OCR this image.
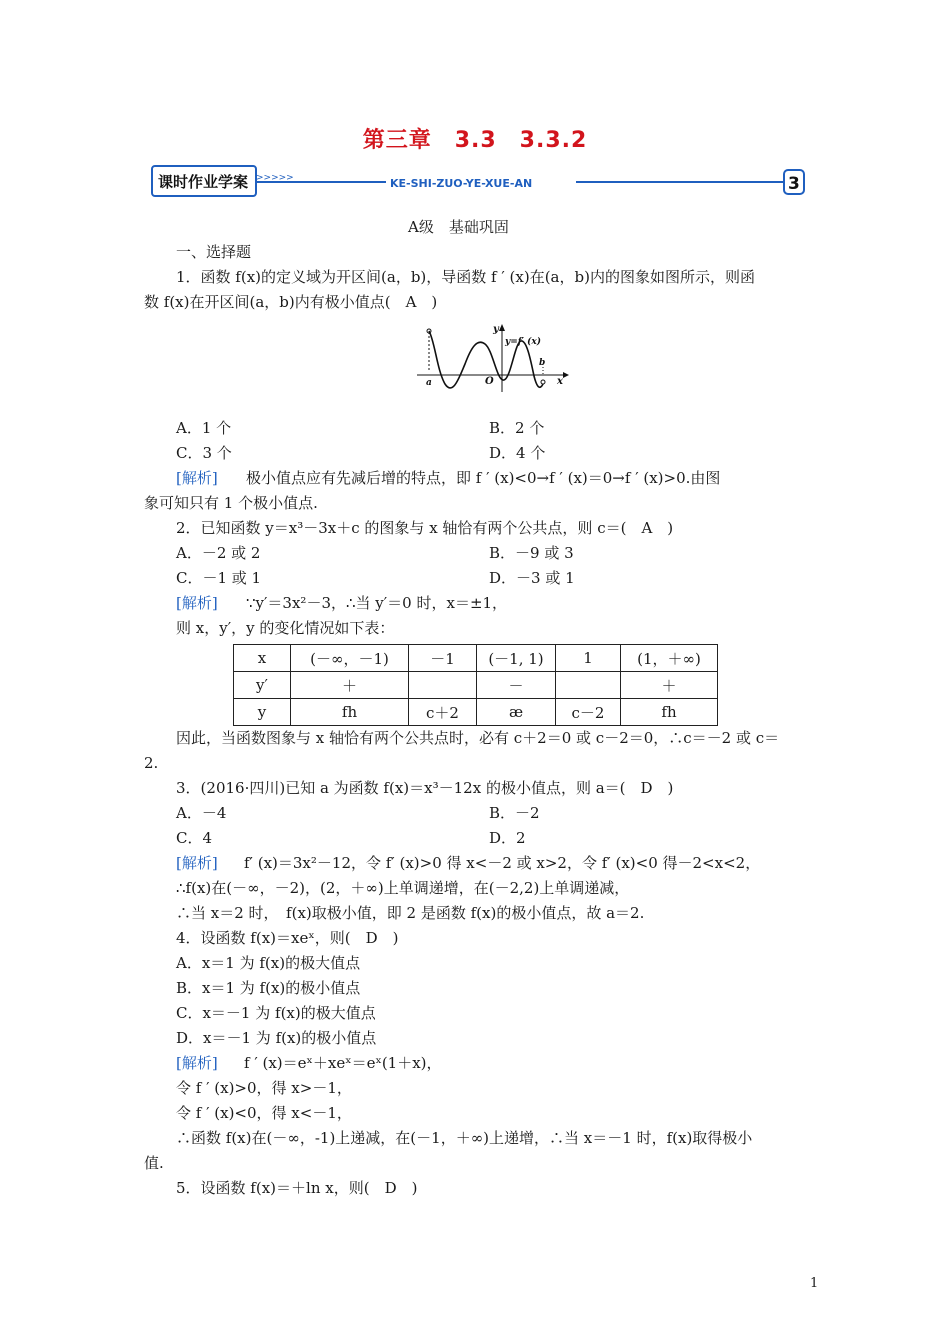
第三章　3.3　3.3.2
课时作业学案 >>>>>	KE-SHI-ZUO-YE-XUE-AN	3
A级　基础巩固
一、选择题
1．函数 f(x)的定义域为开区间(a，b)，导函数 f ′ (x)在(a，b)内的图象如图所示，则函
数 f(x)在开区间(a，b)内有极小值点(　A　)
y
x
y=f′ (x)
a
b
O
A．1 个	B．2 个
C．3 个	D．4 个
[解析] 极小值点应有先减后增的特点，即 f ′ (x)<0→f ′ (x)＝0→f ′ (x)>0.由图
象可知只有 1 个极小值点.
2．已知函数 y＝x³－3x＋c 的图象与 x 轴恰有两个公共点，则 c＝(　A　)
A．－2 或 2	B．－9 或 3
C．－1 或 1	D．－3 或 1
[解析] ∵y′＝3x²－3，∴当 y′＝0 时，x＝±1，
则 x，y′，y 的变化情况如下表：
x	(－∞，－1)	－1	(－1, 1)	1	(1，＋∞)
y′	＋		－		＋
y	fh	c＋2	æ	c－2	fh
因此，当函数图象与 x 轴恰有两个公共点时，必有 c＋2＝0 或 c－2＝0，∴c＝－2 或 c＝
2.
3．(2016·四川)已知 a 为函数 f(x)＝x³－12x 的极小值点，则 a＝(　D　)
A．－4	B．－2
C．4	D．2
[解析] f′ (x)＝3x²－12，令 f′ (x)>0 得 x<－2 或 x>2，令 f′ (x)<0 得－2<x<2，
∴f(x)在(－∞，－2)，(2，＋∞)上单调递增，在(－2,2)上单调递减，
∴当 x＝2 时，　f(x)取极小值，即 2 是函数 f(x)的极小值点，故 a＝2.
4．设函数 f(x)＝xeˣ，则(　D　)
A．x＝1 为 f(x)的极大值点
B．x＝1 为 f(x)的极小值点
C．x＝－1 为 f(x)的极大值点
D．x＝－1 为 f(x)的极小值点
[解析] f ′ (x)＝eˣ＋xeˣ＝eˣ(1＋x)，
令 f ′ (x)>0，得 x>－1，
令 f ′ (x)<0，得 x<－1，
∴函数 f(x)在(－∞，-1)上递减，在(－1，＋∞)上递增，∴当 x＝－1 时，f(x)取得极小
值.
5．设函数 f(x)＝＋ln x，则(　D　)
1
